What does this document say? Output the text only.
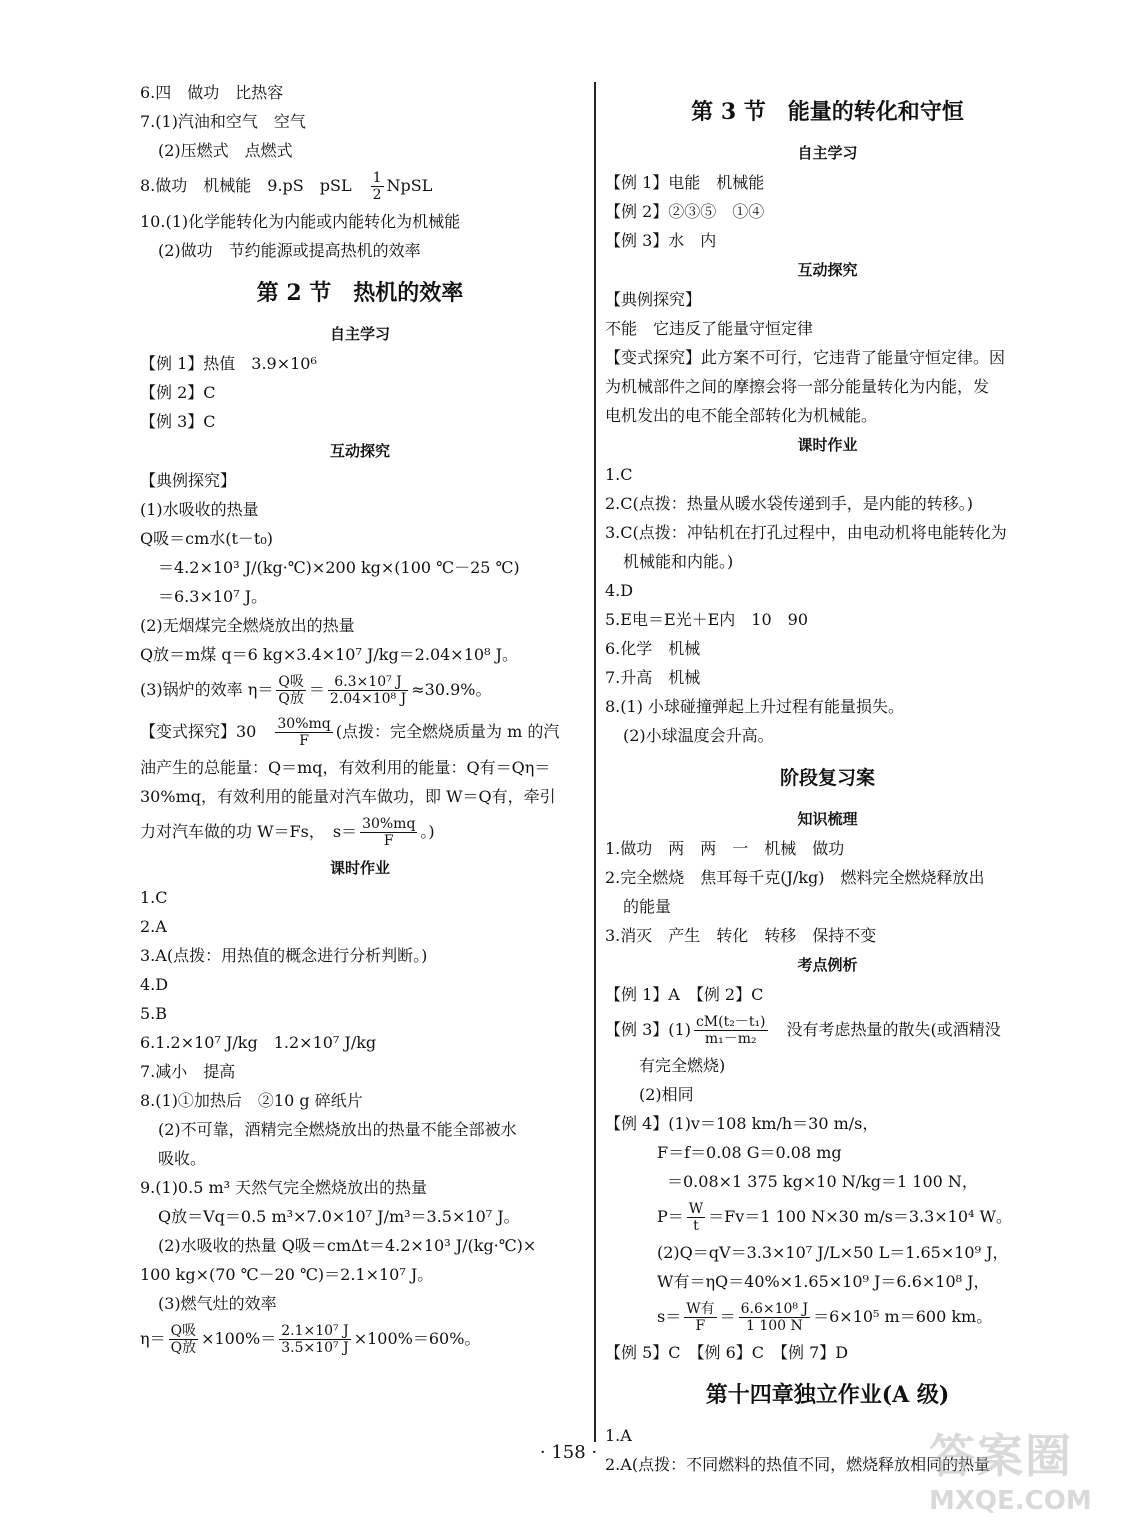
6.四　做功　比热容
7.(1)汽油和空气　空气
(2)压燃式　点燃式
8.做功　机械能　9.pS　pSL　 $\frac{1}{2}$ NpSL
10.(1)化学能转化为内能或内能转化为机械能
(2)做功　节约能源或提高热机的效率
第 2 节　热机的效率
自主学习
【例 1】热值　3.9×10⁶
【例 2】C
【例 3】C
互动探究
【典例探究】
(1)水吸收的热量
Q吸＝cm水(t－t₀)
＝4.2×10³ J/(kg·℃)×200 kg×(100 ℃－25 ℃)
＝6.3×10⁷ J。
(2)无烟煤完全燃烧放出的热量
Q放＝m煤 q＝6 kg×3.4×10⁷ J/kg＝2.04×10⁸ J。
(3)锅炉的效率 $\eta= \frac{\text{Q吸}}{\text{Q放}} = \frac{\text{6.3×10⁷ J}}{\text{2.04×10⁸ J}} \approx 30.9\%$。
【变式探究】30　 $\frac{30\%mq}{F}$ (点拨：完全燃烧质量为 m 的汽
油产生的总能量：Q＝mq，有效利用的能量：Q有＝Qη＝
30%mq，有效利用的能量对汽车做功，即 W＝Q有，牵引
力对汽车做的功 W＝Fs，　$s= \frac{30\%mq}{F}$ 。)
课时作业
1.C
2.A
3.A(点拨：用热值的概念进行分析判断。)
4.D
5.B
6.1.2×10⁷ J/kg　1.2×10⁷ J/kg
7.减小　提高
8.(1)①加热后　②10 g 碎纸片
(2)不可靠，酒精完全燃烧放出的热量不能全部被水
吸收。
9.(1)0.5 m³ 天然气完全燃烧放出的热量
Q放＝Vq＝0.5 m³×7.0×10⁷ J/m³＝3.5×10⁷ J。
(2)水吸收的热量 Q吸＝cmΔt＝4.2×10³ J/(kg·℃)×
100 kg×(70 ℃－20 ℃)＝2.1×10⁷ J。
(3)燃气灶的效率
$\eta= \frac{\text{Q吸}}{\text{Q放}} \times 100\%= \frac{\text{2.1×10⁷ J}}{\text{3.5×10⁷ J}} \times 100\%=60\%$。
第 3 节　能量的转化和守恒
自主学习
【例 1】电能　机械能
【例 2】②③⑤　①④
【例 3】水　内
互动探究
【典例探究】
不能　它违反了能量守恒定律
【变式探究】此方案不可行，它违背了能量守恒定律。因
为机械部件之间的摩擦会将一部分能量转化为内能，发
电机发出的电不能全部转化为机械能。
课时作业
1.C
2.C(点拨：热量从暖水袋传递到手，是内能的转移。)
3.C(点拨：冲钻机在打孔过程中，由电动机将电能转化为
机械能和内能。)
4.D
5.E电＝E光＋E内　10　90
6.化学　机械
7.升高　机械
8.(1) 小球碰撞弹起上升过程有能量损失。
(2)小球温度会升高。
阶段复习案
知识梳理
1.做功　两　两　一　机械　做功
2.完全燃烧　焦耳每千克(J/kg)　燃料完全燃烧释放出
的能量
3.消灭　产生　转化　转移　保持不变
考点例析
【例 1】A　【例 2】C
【例 3】$(1) \frac{\text{cM(t₂－t₁)}}{\text{m₁－m₂}}$ 　没有考虑热量的散失(或酒精没
有完全燃烧)
(2)相同
【例 4】(1)v＝108 km/h＝30 m/s，
F＝f＝0.08 G＝0.08 mg
＝0.08×1 375 kg×10 N/kg＝1 100 N，
$P= \frac{W}{t} =Fv=1$ 100 N×30 m/s＝3.3×10⁴ W。
(2)Q＝qV＝3.3×10⁷ J/L×50 L＝1.65×10⁹ J，
W有＝ηQ＝40%×1.65×10⁹ J＝6.6×10⁸ J，
$s= \frac{\text{W有}}{F} = \frac{\text{6.6×10⁸ J}}{1 100 N} =6\times 10^5$ m＝600 km。
【例 5】C　【例 6】C　【例 7】D
第十四章独立作业(A 级)
1.A
2.A(点拨：不同燃料的热值不同，燃烧释放相同的热量
· 158 ·	答案圈
MXQE.COM
